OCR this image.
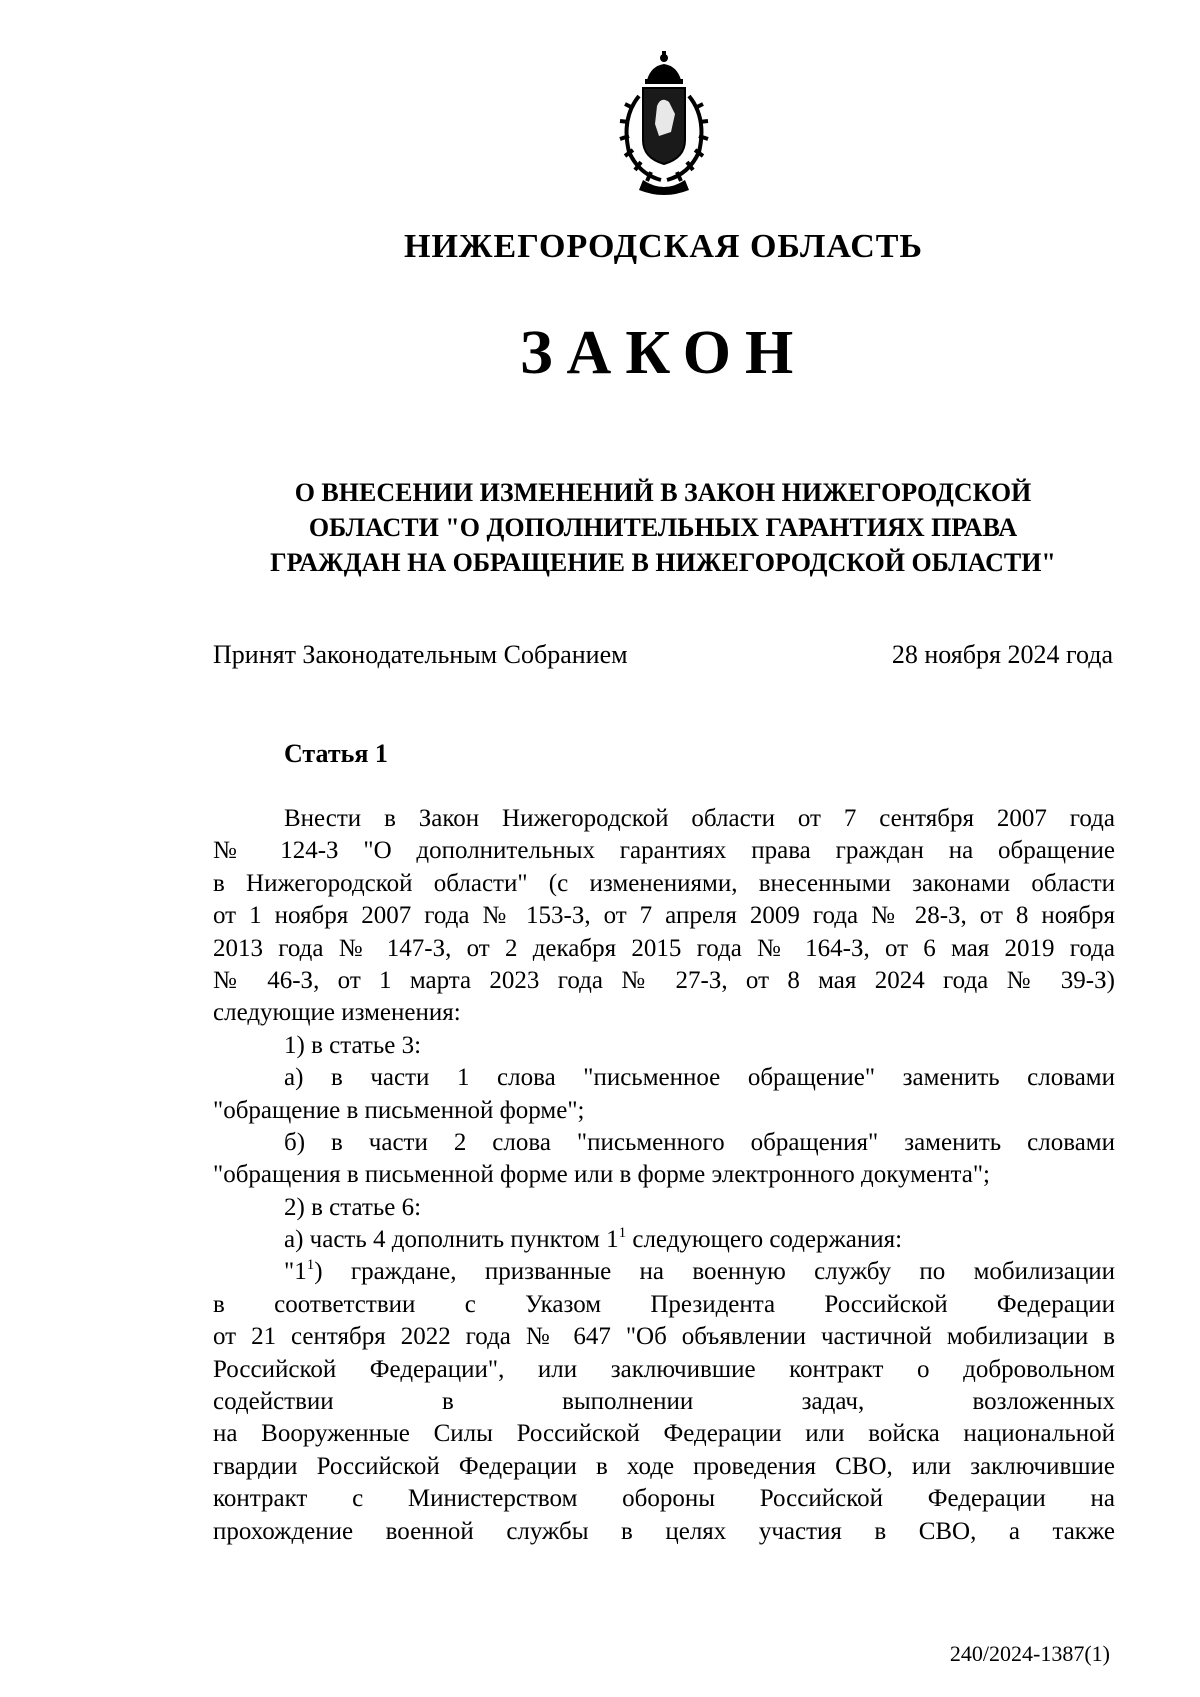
НИЖЕГОРОДСКАЯ ОБЛАСТЬ
ЗАКОН
О ВНЕСЕНИИ ИЗМЕНЕНИЙ В ЗАКОН НИЖЕГОРОДСКОЙ
ОБЛАСТИ "О ДОПОЛНИТЕЛЬНЫХ ГАРАНТИЯХ ПРАВА
ГРАЖДАН НА ОБРАЩЕНИЕ В НИЖЕГОРОДСКОЙ ОБЛАСТИ"
Принят Законодательным Собранием	28 ноября 2024 года
Статья 1
Внести в Закон Нижегородской области от 7 сентября 2007 года
№ 124-З "О дополнительных гарантиях права граждан на обращение
в Нижегородской области" (с изменениями, внесенными законами области
от 1 ноября 2007 года № 153-З, от 7 апреля 2009 года № 28-З, от 8 ноября
2013 года № 147-З, от 2 декабря 2015 года № 164-З, от 6 мая 2019 года
№ 46-З, от 1 марта 2023 года № 27-З, от 8 мая 2024 года № 39-З)
следующие изменения:
1) в статье 3:
а) в части 1 слова "письменное обращение" заменить словами
"обращение в письменной форме";
б) в части 2 слова "письменного обращения" заменить словами
"обращения в письменной форме или в форме электронного документа";
2) в статье 6:
а) часть 4 дополнить пунктом $1^1$ следующего содержания:
"$1^1$) граждане, призванные на военную службу по мобилизации
в соответствии с Указом Президента Российской Федерации
от 21 сентября 2022 года № 647 "Об объявлении частичной мобилизации в
Российской Федерации", или заключившие контракт о добровольном
содействии в выполнении задач, возложенных
на Вооруженные Силы Российской Федерации или войска национальной
гвардии Российской Федерации в ходе проведения СВО, или заключившие
контракт с Министерством обороны Российской Федерации на
прохождение военной службы в целях участия в СВО, а также
240/2024-1387(1)
